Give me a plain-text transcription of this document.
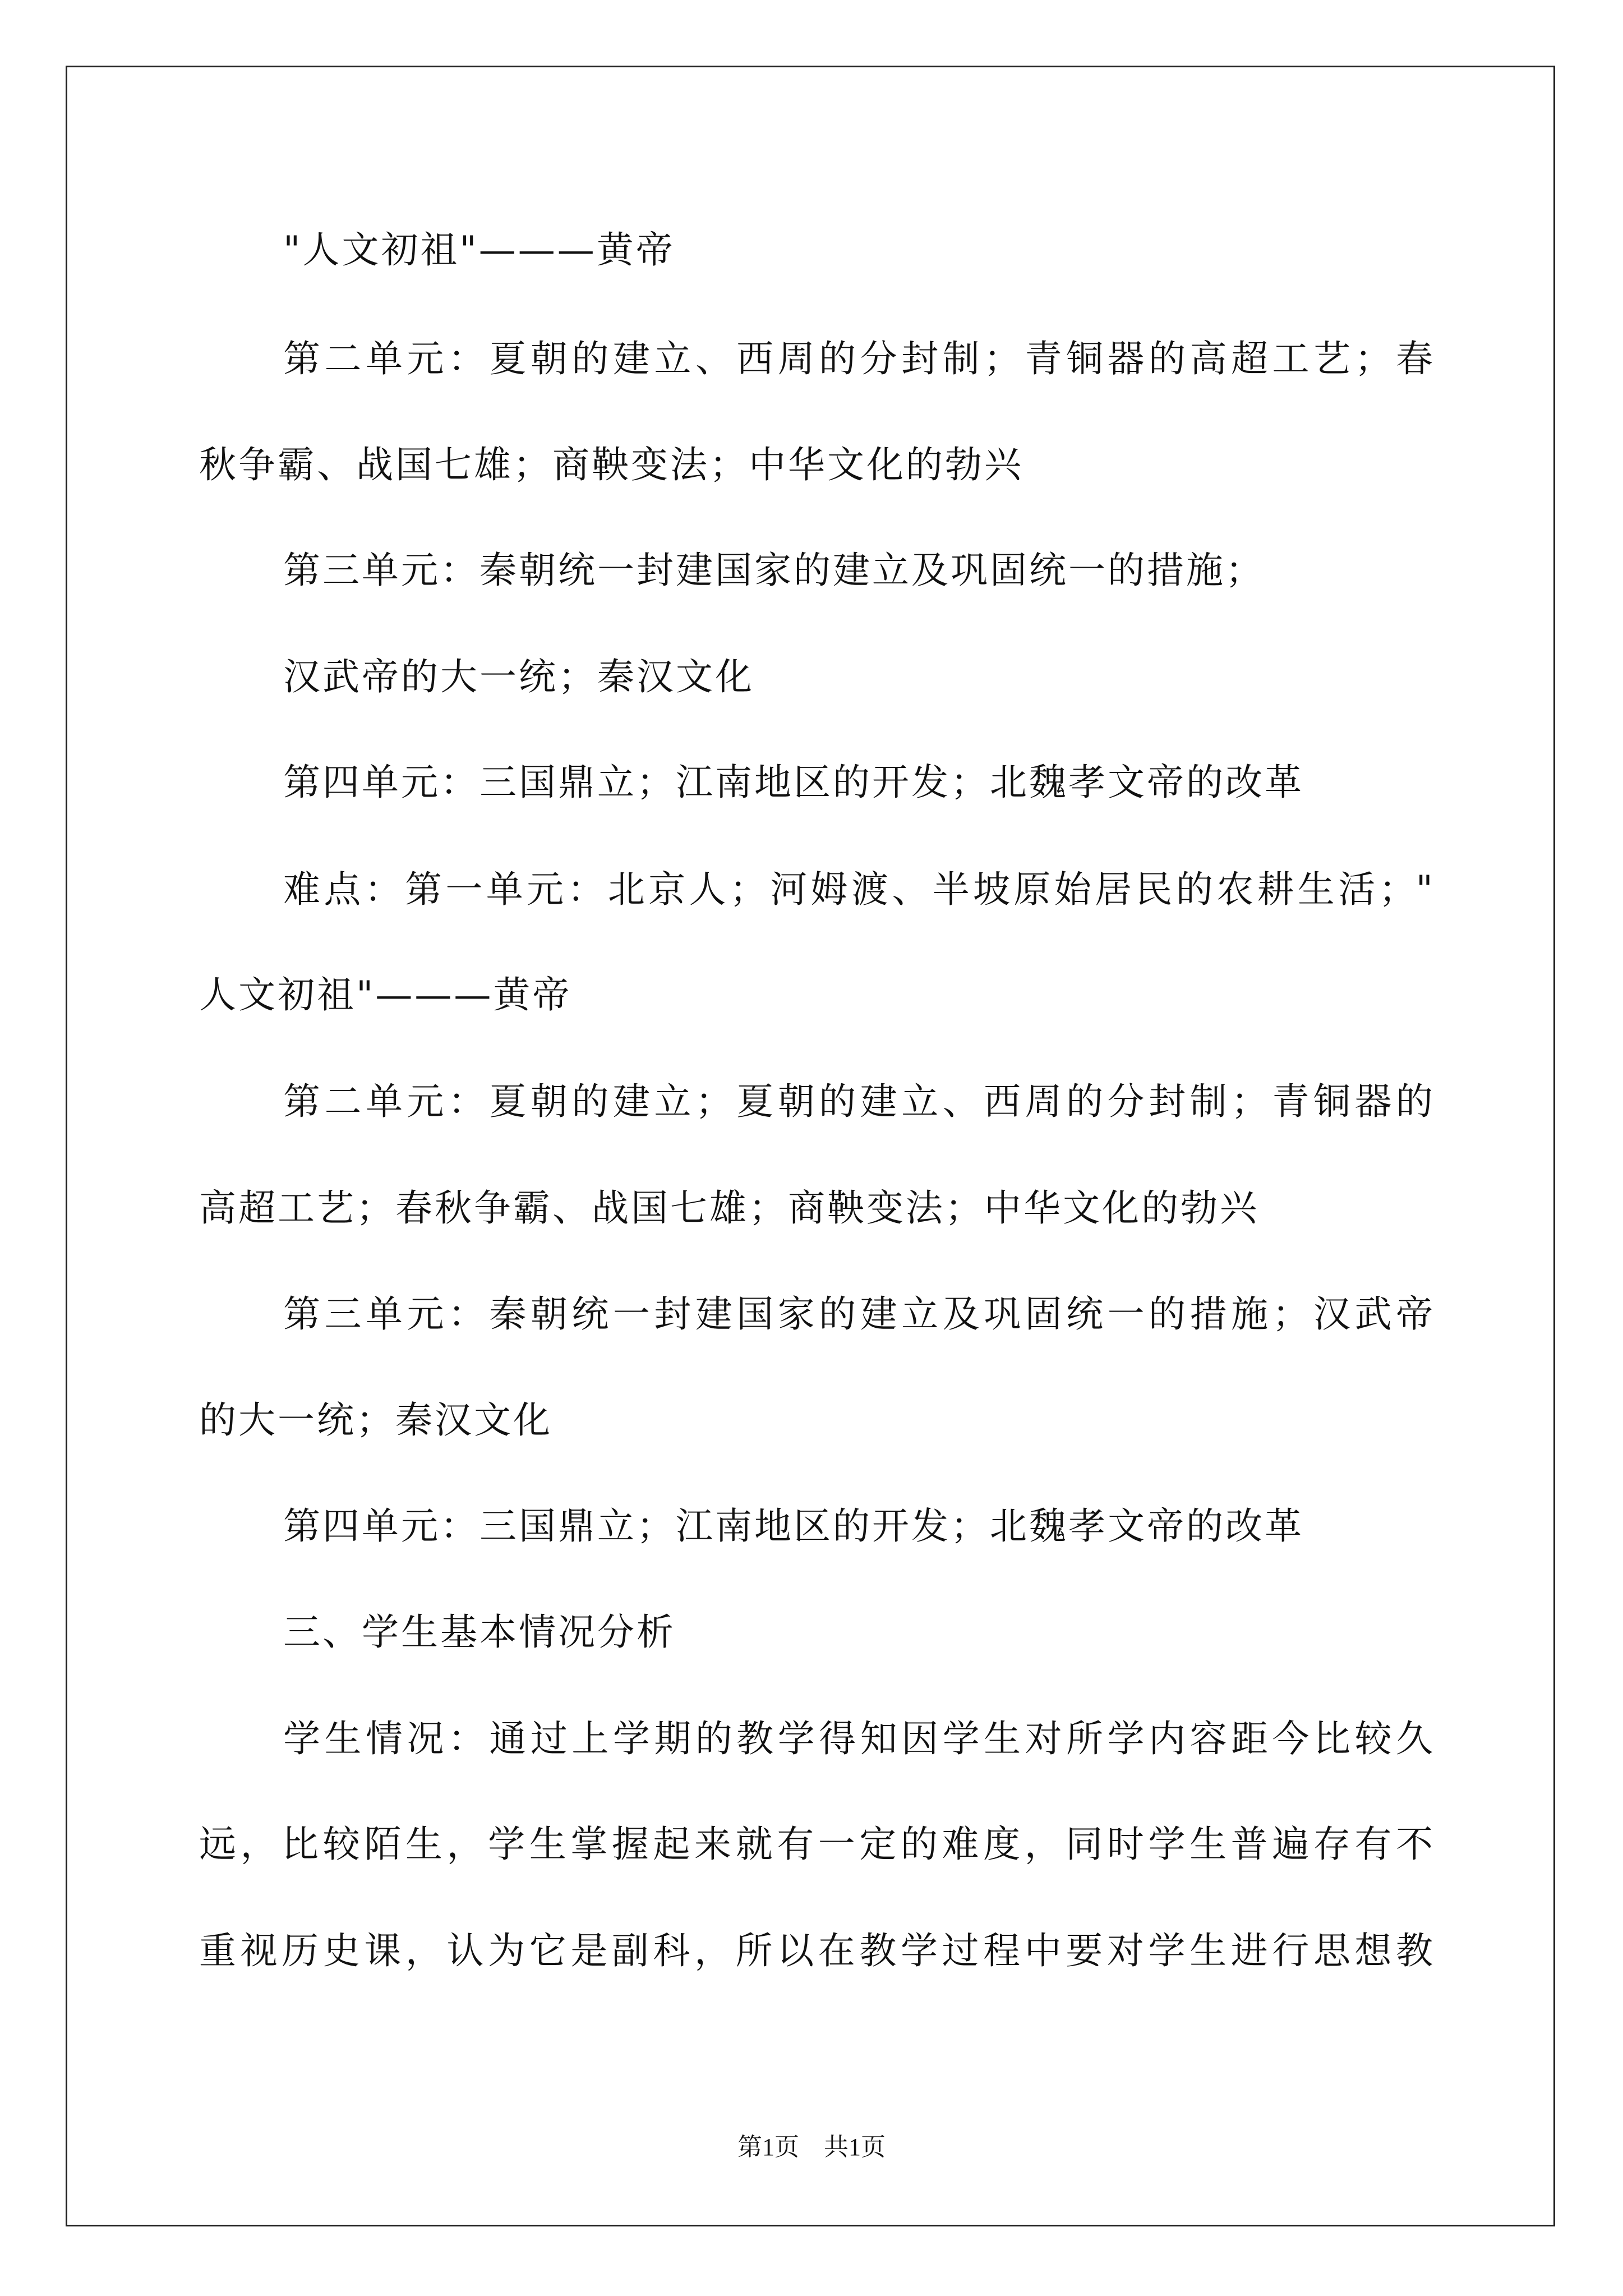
"人文初祖"———黄帝
第二单元：夏朝的建立、西周的分封制；青铜器的高超工艺；春
秋争霸、战国七雄；商鞅变法；中华文化的勃兴
第三单元：秦朝统一封建国家的建立及巩固统一的措施；
汉武帝的大一统；秦汉文化
第四单元：三国鼎立；江南地区的开发；北魏孝文帝的改革
难点：第一单元：北京人；河姆渡、半坡原始居民的农耕生活；"
人文初祖"———黄帝
第二单元：夏朝的建立；夏朝的建立、西周的分封制；青铜器的
高超工艺；春秋争霸、战国七雄；商鞅变法；中华文化的勃兴
第三单元：秦朝统一封建国家的建立及巩固统一的措施；汉武帝
的大一统；秦汉文化
第四单元：三国鼎立；江南地区的开发；北魏孝文帝的改革
三、学生基本情况分析
学生情况：通过上学期的教学得知因学生对所学内容距今比较久
远，比较陌生，学生掌握起来就有一定的难度，同时学生普遍存有不
重视历史课，认为它是副科，所以在教学过程中要对学生进行思想教
第1页　共1页
